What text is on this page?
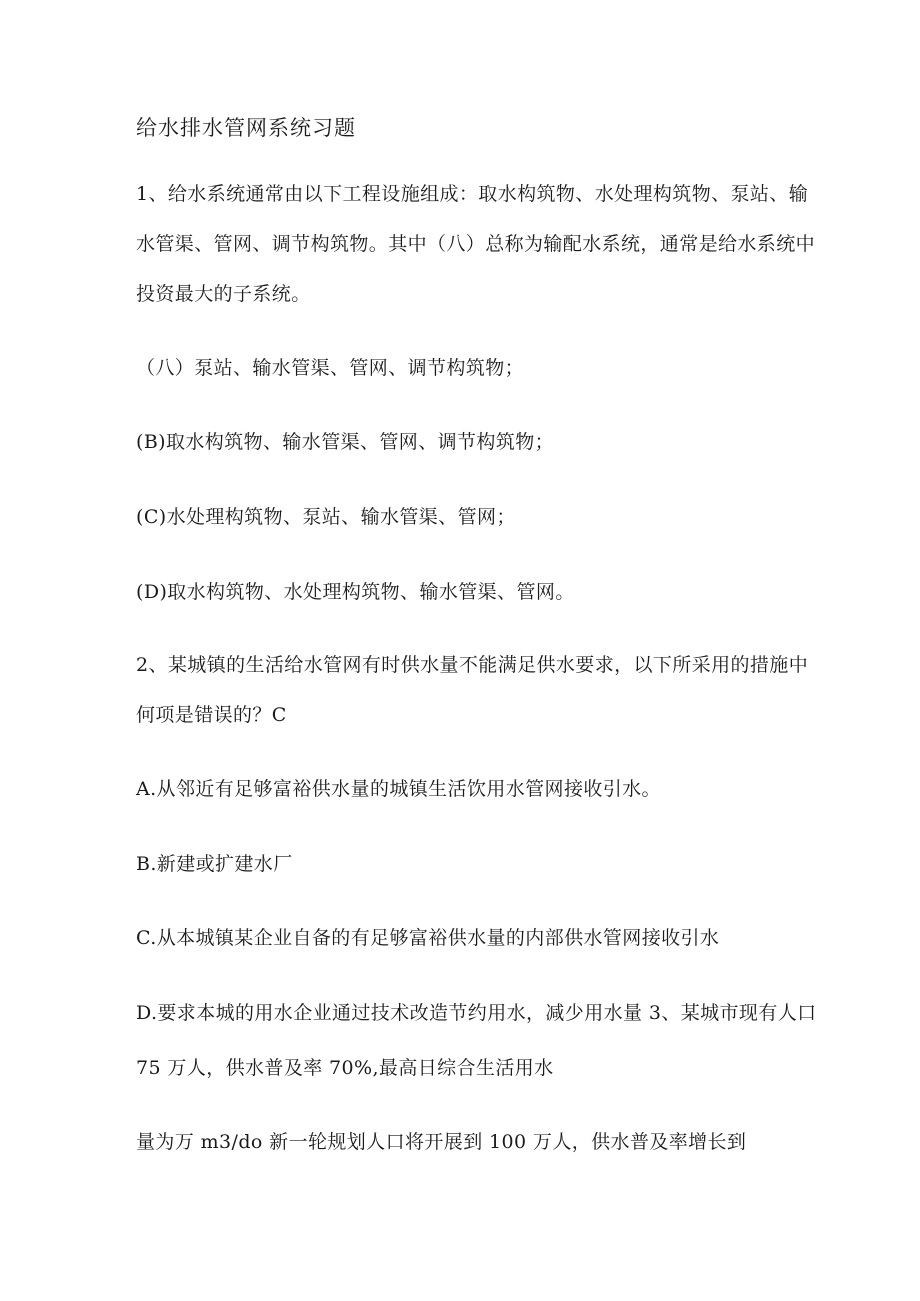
给水排水管网系统习题
1、给水系统通常由以下工程设施组成：取水构筑物、水处理构筑物、泵站、输
水管渠、管网、调节构筑物。其中（八）总称为输配水系统，通常是给水系统中
投资最大的子系统。
（八）泵站、输水管渠、管网、调节构筑物；
(B)取水构筑物、输水管渠、管网、调节构筑物；
(C)水处理构筑物、泵站、输水管渠、管网；
(D)取水构筑物、水处理构筑物、输水管渠、管网。
2、某城镇的生活给水管网有时供水量不能满足供水要求，以下所采用的措施中
何项是错误的？C
A.从邻近有足够富裕供水量的城镇生活饮用水管网接收引水。
B.新建或扩建水厂
C.从本城镇某企业自备的有足够富裕供水量的内部供水管网接收引水
D.要求本城的用水企业通过技术改造节约用水，减少用水量 3、某城市现有人口
75 万人，供水普及率 70%,最高日综合生活用水
量为万 m3/do 新一轮规划人口将开展到 100 万人，供水普及率增长到
